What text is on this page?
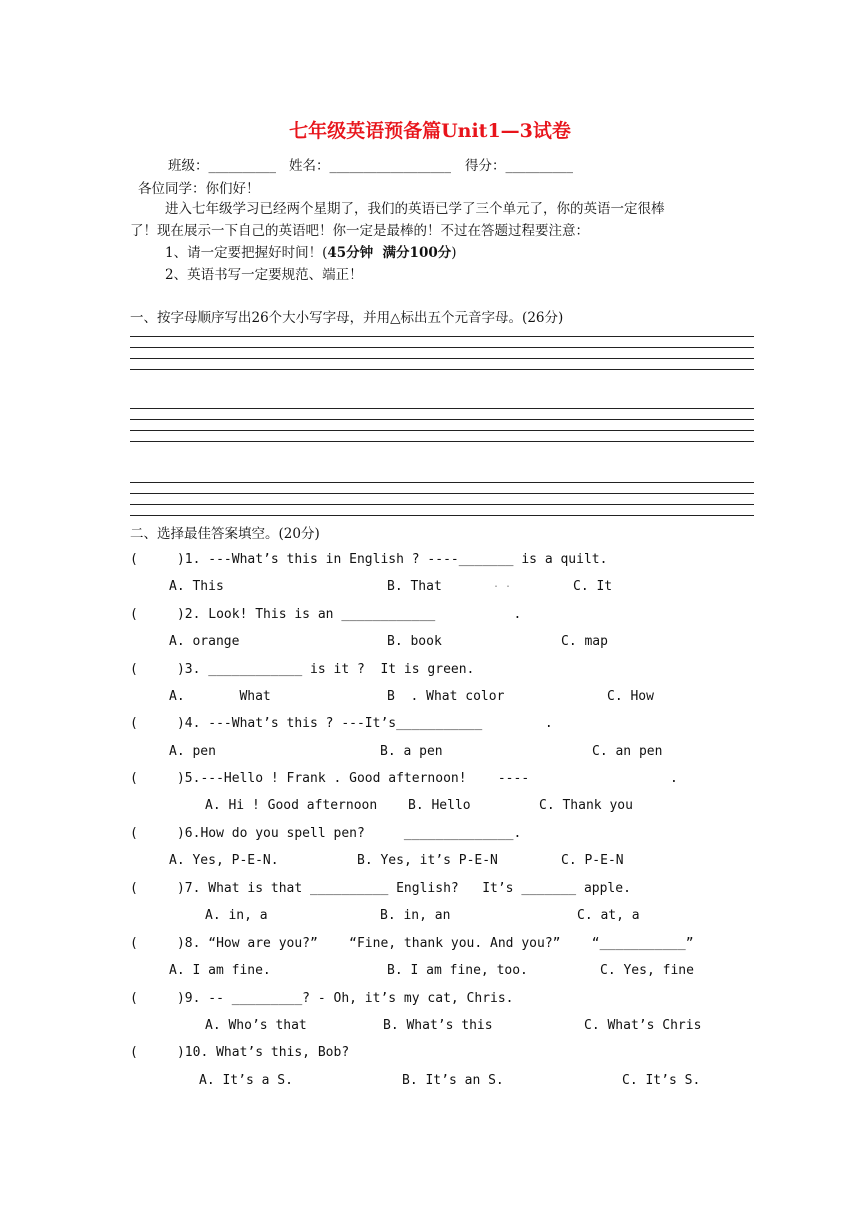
七年级英语预备篇Unit1—3试卷
班级：__________ 姓名：__________________ 得分：__________
各位同学：你们好！
进入七年级学习已经两个星期了，我们的英语已学了三个单元了，你的英语一定很棒
了！现在展示一下自己的英语吧！你一定是最棒的！不过在答题过程要注意：
1、请一定要把握好时间！(45分钟  满分100分)
2、英语书写一定要规范、端正！
一、按字母顺序写出26个大小写字母，并用△标出五个元音字母。(26分)
二、选择最佳答案填空。(20分)
(     )1. ---What’s this in English ? ----_______ is a quilt.
A. This	B. That	. .	C. It
(     )2. Look! This is an ____________          .
A. orange	B. book	C. map
(     )3. ____________ is it ?  It is green.
A.       What	B  . What color	C. How
(     )4. ---What’s this ? ---It’s___________        .
A. pen	B. a pen	C. an pen
(     )5.---Hello ! Frank . Good afternoon!    ----                  .
A. Hi ! Good afternoon B. Hello	C. Thank you
(     )6.How do you spell pen?     ______________.
A. Yes, P-E-N.	B. Yes, it’s P-E-N	C. P-E-N
(     )7. What is that __________ English?   It’s _______ apple.
A. in, a	B. in, an	C. at, a
(     )8. “How are you?”    “Fine, thank you. And you?”    “___________”
A. I am fine.	B. I am fine, too.	C. Yes, fine
(     )9. -- _________? - Oh, it’s my cat, Chris.
A. Who’s that	B. What’s this	C. What’s Chris
(     )10. What’s this, Bob?
A. It’s a S.	B. It’s an S.	C. It’s S.
